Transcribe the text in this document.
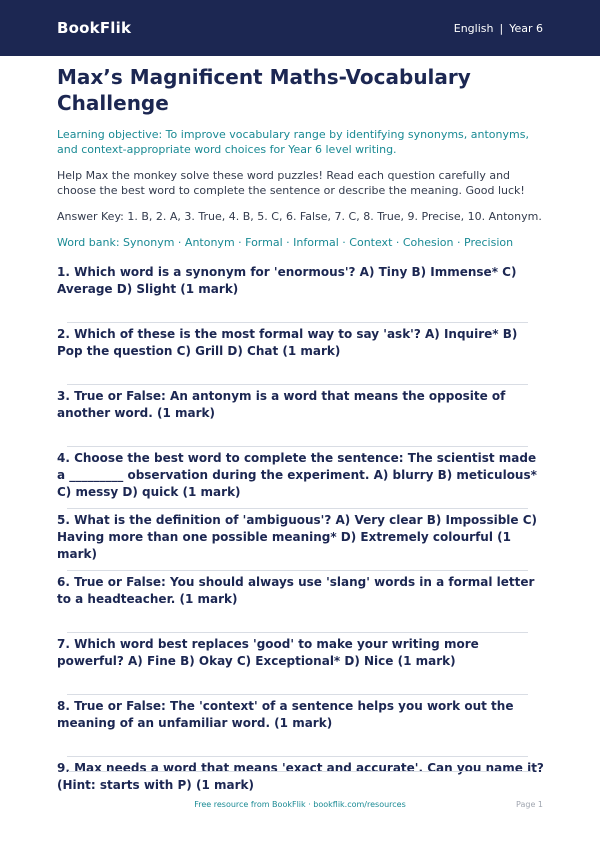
BookFlik	English | Year 6
Max’s Magnificent Maths-Vocabulary Challenge
Learning objective: To improve vocabulary range by identifying synonyms, antonyms, and context-appropriate word choices for Year 6 level writing.
Help Max the monkey solve these word puzzles! Read each question carefully and choose the best word to complete the sentence or describe the meaning. Good luck!
Answer Key: 1. B, 2. A, 3. True, 4. B, 5. C, 6. False, 7. C, 8. True, 9. Precise, 10. Antonym.
Word bank: Synonym · Antonym · Formal · Informal · Context · Cohesion · Precision

1. Which word is a synonym for 'enormous'? A) Tiny B) Immense* C) Average D) Slight (1 mark)

2. Which of these is the most formal way to say 'ask'? A) Inquire* B) Pop the question C) Grill D) Chat (1 mark)

3. True or False: An antonym is a word that means the opposite of another word. (1 mark)

4. Choose the best word to complete the sentence: The scientist made a _________ observation during the experiment. A) blurry B) meticulous* C) messy D) quick (1 mark)

5. What is the definition of 'ambiguous'? A) Very clear B) Impossible C) Having more than one possible meaning* D) Extremely colourful (1 mark)

6. True or False: You should always use 'slang' words in a formal letter to a headteacher. (1 mark)

7. Which word best replaces 'good' to make your writing more powerful? A) Fine B) Okay C) Exceptional* D) Nice (1 mark)

8. True or False: The 'context' of a sentence helps you work out the meaning of an unfamiliar word. (1 mark)

9. Max needs a word that means 'exact and accurate'. Can you name it? (Hint: starts with P) (1 mark)

Free resource from BookFlik · bookflik.com/resources	Page 1
